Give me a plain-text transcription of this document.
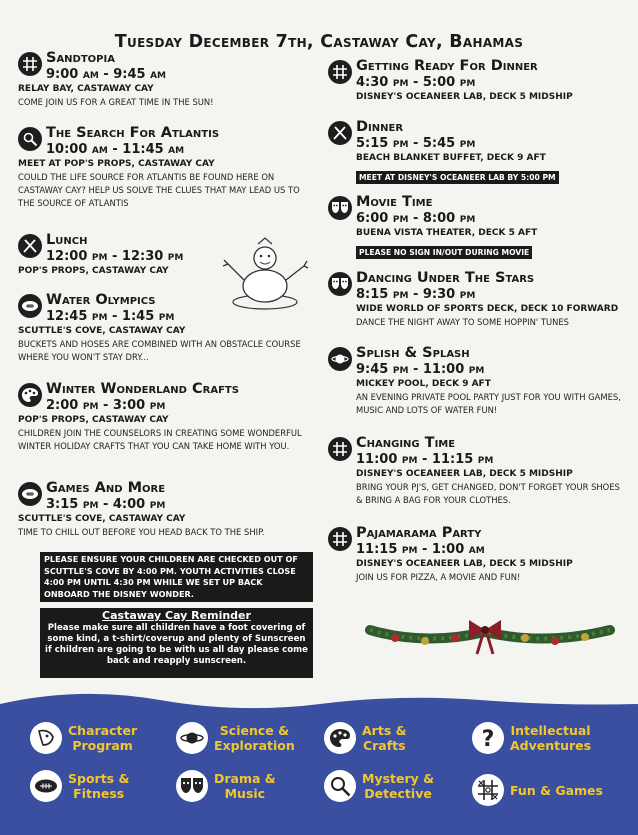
Tuesday December 7th, Castaway Cay, Bahamas
Sandtopia
9:00 am - 9:45 am
RELAY BAY, CASTAWAY CAY
COME JOIN US FOR A GREAT TIME IN THE SUN!
The Search For Atlantis
10:00 am - 11:45 am
MEET AT POP'S PROPS, CASTAWAY CAY
COULD THE LIFE SOURCE FOR ATLANTIS BE FOUND HERE ON CASTAWAY CAY? HELP US SOLVE THE CLUES THAT MAY LEAD US TO THE SOURCE OF ATLANTIS
Lunch
12:00 pm - 12:30 pm
POP'S PROPS, CASTAWAY CAY
Water Olympics
12:45 pm - 1:45 pm
SCUTTLE'S COVE, CASTAWAY CAY
BUCKETS AND HOSES ARE COMBINED WITH AN OBSTACLE COURSE WHERE YOU WON'T STAY DRY...
Winter Wonderland Crafts
2:00 pm - 3:00 pm
POP'S PROPS, CASTAWAY CAY
CHILDREN JOIN THE COUNSELORS IN CREATING SOME WONDERFUL WINTER HOLIDAY CRAFTS THAT YOU CAN TAKE HOME WITH YOU.
Games And More
3:15 pm - 4:00 pm
SCUTTLE'S COVE, CASTAWAY CAY
TIME TO CHILL OUT BEFORE YOU HEAD BACK TO THE SHIP.
PLEASE ENSURE YOUR CHILDREN ARE CHECKED OUT OF SCUTTLE'S COVE BY 4:00 PM. YOUTH ACTIVITIES CLOSE 4:00 PM UNTIL 4:30 PM WHILE WE SET UP BACK ONBOARD THE DISNEY WONDER.
Castaway Cay Reminder
Please make sure all children have a foot covering of some kind, a t-shirt/coverup and plenty of Sunscreen if children are going to be with us all day please come back and reapply sunscreen.
Getting Ready For Dinner
4:30 pm - 5:00 pm
DISNEY'S OCEANEER LAB, DECK 5 MIDSHIP
Dinner
5:15 pm - 5:45 pm
BEACH BLANKET BUFFET, DECK 9 AFT
MEET AT DISNEY'S OCEANEER LAB BY 5:00 PM
Movie Time
6:00 pm - 8:00 pm
BUENA VISTA THEATER, DECK 5 AFT
PLEASE NO SIGN IN/OUT DURING MOVIE
Dancing Under The Stars
8:15 pm - 9:30 pm
WIDE WORLD OF SPORTS DECK, DECK 10 FORWARD
DANCE THE NIGHT AWAY TO SOME HOPPIN' TUNES
Splish & Splash
9:45 pm - 11:00 pm
MICKEY POOL, DECK 9 AFT
AN EVENING PRIVATE POOL PARTY JUST FOR YOU WITH GAMES, MUSIC AND LOTS OF WATER FUN!
Changing Time
11:00 pm - 11:15 pm
DISNEY'S OCEANEER LAB, DECK 5 MIDSHIP
BRING YOUR PJ'S, GET CHANGED, DON'T FORGET YOUR SHOES & BRING A BAG FOR YOUR CLOTHES.
Pajamarama Party
11:15 pm - 1:00 am
DISNEY'S OCEANEER LAB, DECK 5 MIDSHIP
JOIN US FOR PIZZA, A MOVIE AND FUN!
Character
Program
Science &
Exploration
Arts &
Crafts	? Intellectual
Adventures
Sports &
Fitness
Drama &
Music
Mystery &
Detective	Fun & Games
